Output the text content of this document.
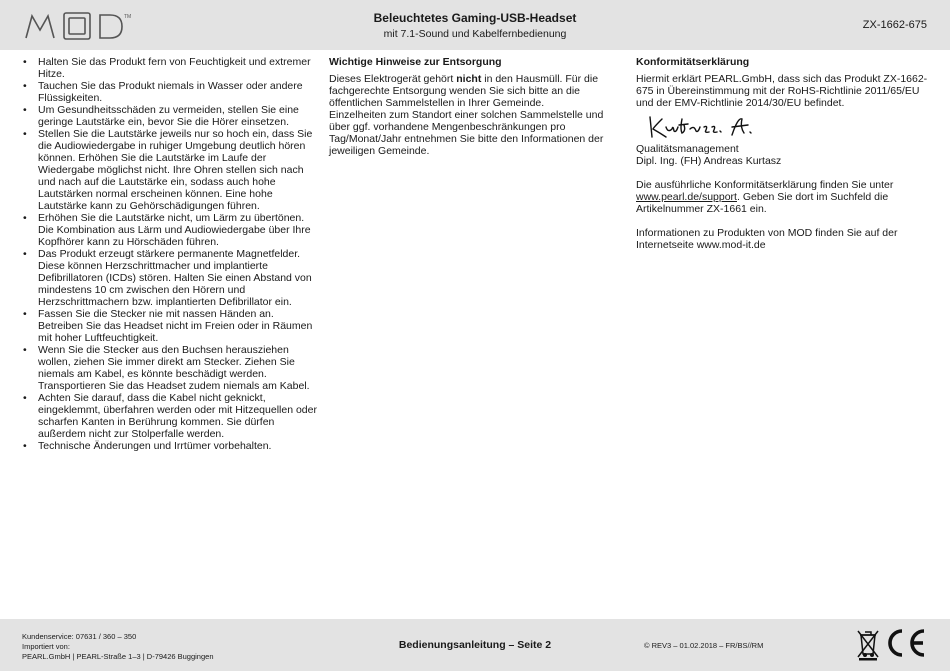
TM	Beleuchtetes Gaming-USB-Headset
mit 7.1-Sound und Kabelfernbedienung
ZX-1662-675
• Halten Sie das Produkt fern von Feuchtigkeit und extremer Hitze.
• Tauchen Sie das Produkt niemals in Wasser oder andere Flüssigkeiten.
• Um Gesundheitsschäden zu vermeiden, stellen Sie eine geringe Lautstärke ein, bevor Sie die Hörer einsetzen.
• Stellen Sie die Lautstärke jeweils nur so hoch ein, dass Sie die Audiowiedergabe in ruhiger Umgebung deutlich hören können. Erhöhen Sie die Lautstärke im Laufe der Wiedergabe möglichst nicht. Ihre Ohren stellen sich nach und nach auf die Lautstärke ein, sodass auch hohe Lautstärken normal erscheinen können. Eine hohe Lautstärke kann zu Gehörschädigungen führen.
• Erhöhen Sie die Lautstärke nicht, um Lärm zu übertönen. Die Kombination aus Lärm und Audiowiedergabe über Ihre Kopfhörer kann zu Hörschäden führen.
• Das Produkt erzeugt stärkere permanente Magnetfelder. Diese können Herzschrittmacher und implantierte Defibrillatoren (ICDs) stören. Halten Sie einen Abstand von mindestens 10 cm zwischen den Hörern und Herzschrittmachern bzw. implantierten Defibrillator ein.
• Fassen Sie die Stecker nie mit nassen Händen an. Betreiben Sie das Headset nicht im Freien oder in Räumen mit hoher Luftfeuchtigkeit.
• Wenn Sie die Stecker aus den Buchsen herausziehen wollen, ziehen Sie immer direkt am Stecker. Ziehen Sie niemals am Kabel, es könnte beschädigt werden. Transportieren Sie das Headset zudem niemals am Kabel.
• Achten Sie darauf, dass die Kabel nicht geknickt, eingeklemmt, überfahren werden oder mit Hitzequellen oder scharfen Kanten in Berührung kommen. Sie dürfen außerdem nicht zur Stolperfalle werden.
• Technische Änderungen und Irrtümer vorbehalten.
Wichtige Hinweise zur Entsorgung

Dieses Elektrogerät gehört nicht in den Hausmüll. Für die fachgerechte Entsorgung wenden Sie sich bitte an die öffentlichen Sammelstellen in Ihrer Gemeinde.

Einzelheiten zum Standort einer solchen Sammelstelle und über ggf. vorhandene Mengenbeschränkungen pro Tag/Monat/Jahr entnehmen Sie bitte den Informationen der jeweiligen Gemeinde.

Konformitätserklärung

Hiermit erklärt PEARL.GmbH, dass sich das Produkt ZX-1662-675 in Übereinstimmung mit der RoHS-Richtlinie 2011/65/EU und der EMV-Richtlinie 2014/30/EU befindet.

Qualitätsmanagement

Dipl. Ing. (FH) Andreas Kurtasz

Die ausführliche Konformitätserklärung finden Sie unter www.pearl.de/support. Geben Sie dort im Suchfeld die Artikelnummer ZX-1661 ein.

Informationen zu Produkten von MOD finden Sie auf der Internetseite www.mod-it.de

Kundenservice: 07631 / 360 – 350
Importiert von:
PEARL.GmbH | PEARL-Straße 1–3 | D-79426 Buggingen
Bedienungsanleitung – Seite 2	© REV3 – 01.02.2018 – FR/BS//RM
